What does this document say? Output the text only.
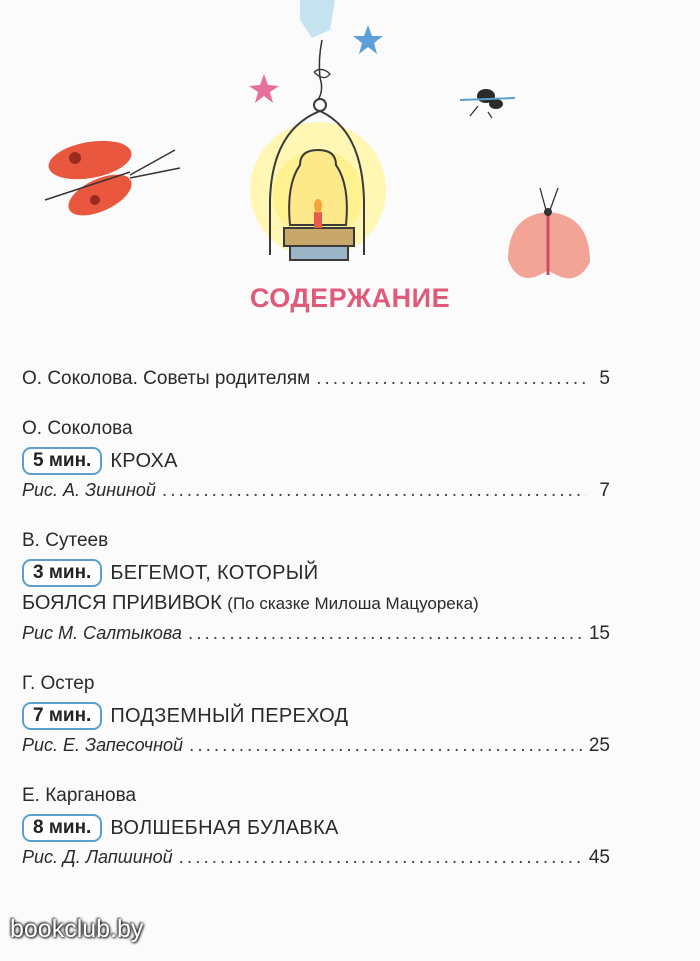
СОДЕРЖАНИЕ
О. Соколова. Советы родителям .....	5
О. Соколова
5 мин. КРОХА
Рис. А. Зининой .....	7
В. Сутеев
3 мин. БЕГЕМОТ, КОТОРЫЙ
БОЯЛСЯ ПРИВИВОК (По сказке Милоша Мацуорека)
Рис М. Салтыкова .....	15
Г. Остер
7 мин. ПОДЗЕМНЫЙ ПЕРЕХОД
Рис. Е. Запесочной .....	25
Е. Карганова
8 мин. ВОЛШЕБНАЯ БУЛАВКА
Рис. Д. Лапшиной .....	45
bookclub.by
